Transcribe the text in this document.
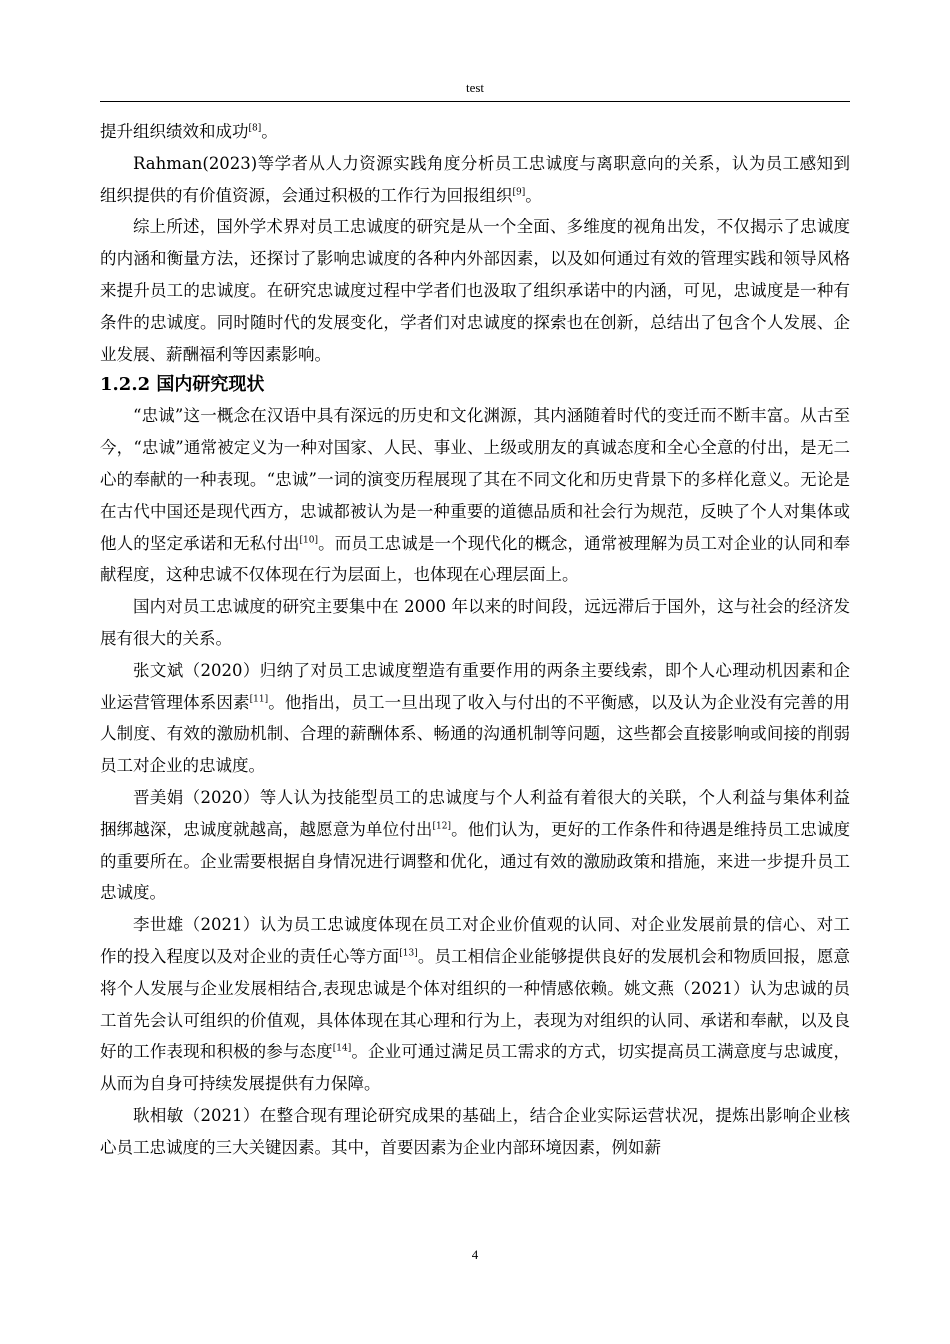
test

提升组织绩效和成功[8]。

Rahman(2023)等学者从人力资源实践角度分析员工忠诚度与离职意向的关系，认为员工感知到组织提供的有价值资源，会通过积极的工作行为回报组织[9]。

综上所述，国外学术界对员工忠诚度的研究是从一个全面、多维度的视角出发，不仅揭示了忠诚度的内涵和衡量方法，还探讨了影响忠诚度的各种内外部因素，以及如何通过有效的管理实践和领导风格来提升员工的忠诚度。在研究忠诚度过程中学者们也汲取了组织承诺中的内涵，可见，忠诚度是一种有条件的忠诚度。同时随时代的发展变化，学者们对忠诚度的探索也在创新，总结出了包含个人发展、企业发展、薪酬福利等因素影响。

1.2.2 国内研究现状

“忠诚”这一概念在汉语中具有深远的历史和文化渊源，其内涵随着时代的变迁而不断丰富。从古至今，“忠诚”通常被定义为一种对国家、人民、事业、上级或朋友的真诚态度和全心全意的付出，是无二心的奉献的一种表现。“忠诚”一词的演变历程展现了其在不同文化和历史背景下的多样化意义。无论是在古代中国还是现代西方，忠诚都被认为是一种重要的道德品质和社会行为规范，反映了个人对集体或他人的坚定承诺和无私付出[10]。而员工忠诚是一个现代化的概念，通常被理解为员工对企业的认同和奉献程度，这种忠诚不仅体现在行为层面上，也体现在心理层面上。

国内对员工忠诚度的研究主要集中在 2000 年以来的时间段，远远滞后于国外，这与社会的经济发展有很大的关系。

张文斌（2020）归纳了对员工忠诚度塑造有重要作用的两条主要线索，即个人心理动机因素和企业运营管理体系因素[11]。他指出，员工一旦出现了收入与付出的不平衡感，以及认为企业没有完善的用人制度、有效的激励机制、合理的薪酬体系、畅通的沟通机制等问题，这些都会直接影响或间接的削弱员工对企业的忠诚度。

晋美娟（2020）等人认为技能型员工的忠诚度与个人利益有着很大的关联，个人利益与集体利益捆绑越深，忠诚度就越高，越愿意为单位付出[12]。他们认为，更好的工作条件和待遇是维持员工忠诚度的重要所在。企业需要根据自身情况进行调整和优化，通过有效的激励政策和措施，来进一步提升员工忠诚度。

李世雄（2021）认为员工忠诚度体现在员工对企业价值观的认同、对企业发展前景的信心、对工作的投入程度以及对企业的责任心等方面[13]。员工相信企业能够提供良好的发展机会和物质回报，愿意将个人发展与企业发展相结合,表现忠诚是个体对组织的一种情感依赖。姚文燕（2021）认为忠诚的员工首先会认可组织的价值观，具体体现在其心理和行为上，表现为对组织的认同、承诺和奉献，以及良好的工作表现和积极的参与态度[14]。企业可通过满足员工需求的方式，切实提高员工满意度与忠诚度，从而为自身可持续发展提供有力保障。

耿相敏（2021）在整合现有理论研究成果的基础上，结合企业实际运营状况，提炼出影响企业核心员工忠诚度的三大关键因素。其中，首要因素为企业内部环境因素，例如薪

4
